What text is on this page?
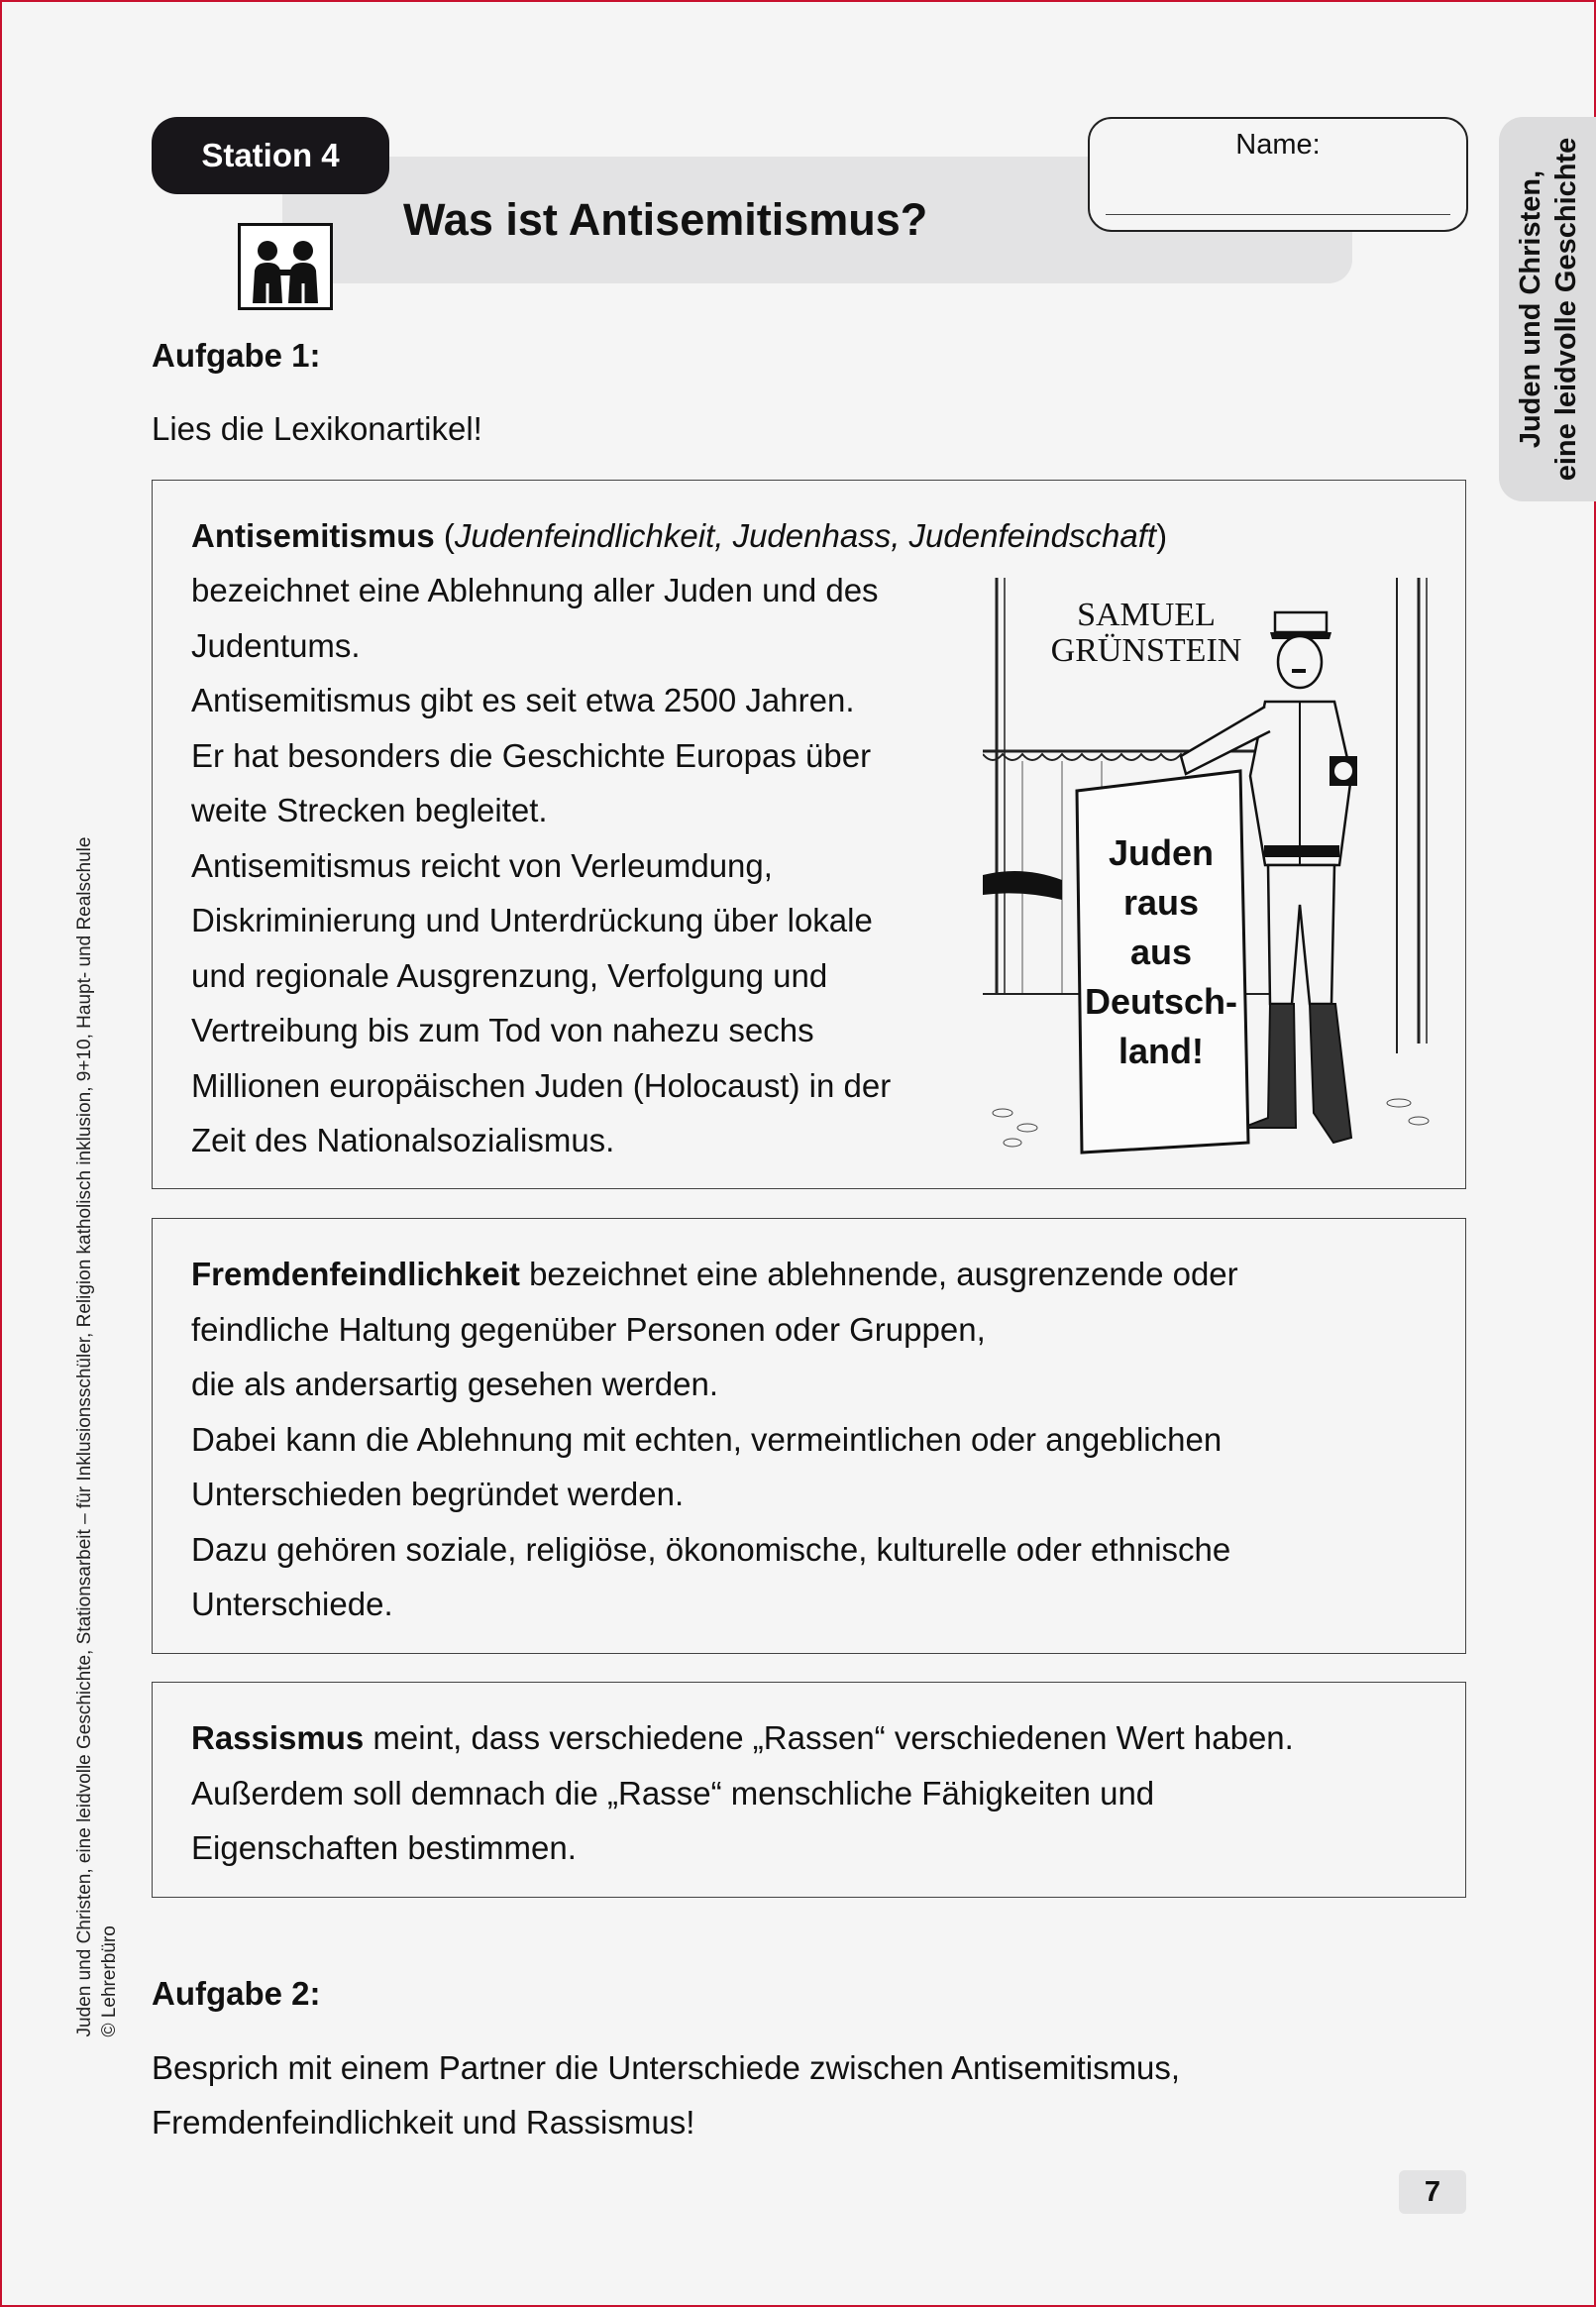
Station 4
Was ist Antisemitismus?
Name:
Juden und Christen, eine leidvolle Geschichte
Juden und Christen, eine leidvolle Geschichte, Stationsarbeit – für Inklusionsschüler, Religion katholisch inklusion, 9+10, Haupt- und Realschule © Lehrerbüro
Aufgabe 1:
Lies die Lexikonartikel!
Antisemitismus (Judenfeindlichkeit, Judenhass, Judenfeindschaft)
bezeichnet eine Ablehnung aller Juden und des
Judentums.
Antisemitismus gibt es seit etwa 2500 Jahren.
Er hat besonders die Geschichte Europas über
weite Strecken begleitet.
Antisemitismus reicht von Verleumdung,
Diskriminierung und Unterdrückung über lokale
und regionale Ausgrenzung, Verfolgung und
Vertreibung bis zum Tod von nahezu sechs
Millionen europäischen Juden (Holocaust) in der
Zeit des Nationalsozialismus.
SAMUEL
GRÜNSTEIN
Juden
raus
aus
Deutsch-
land!
Fremdenfeindlichkeit bezeichnet eine ablehnende, ausgrenzende oder
feindliche Haltung gegenüber Personen oder Gruppen,
die als andersartig gesehen werden.
Dabei kann die Ablehnung mit echten, vermeintlichen oder angeblichen
Unterschieden begründet werden.
Dazu gehören soziale, religiöse, ökonomische, kulturelle oder ethnische
Unterschiede.
Rassismus meint, dass verschiedene „Rassen“ verschiedenen Wert haben.
Außerdem soll demnach die „Rasse“ menschliche Fähigkeiten und
Eigenschaften bestimmen.
Aufgabe 2:
Besprich mit einem Partner die Unterschiede zwischen Antisemitismus,
Fremdenfeindlichkeit und Rassismus!
7
